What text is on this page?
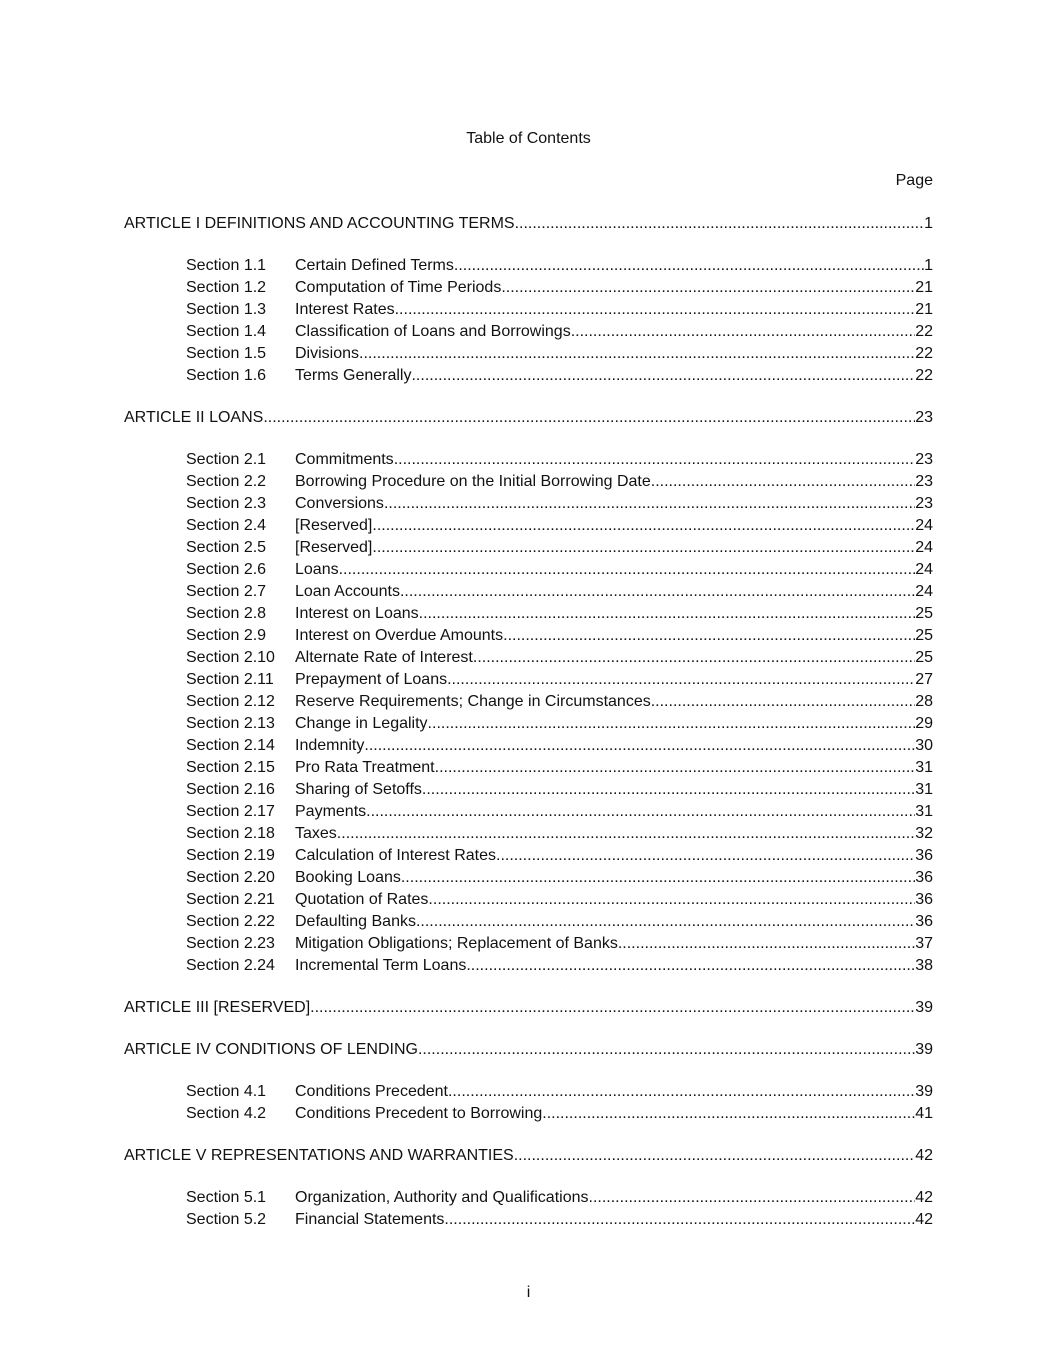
Table of Contents
Page
ARTICLE I DEFINITIONS AND ACCOUNTING TERMS .....	1
Section 1.1	Certain Defined Terms .....	1
Section 1.2	Computation of Time Periods .....	21
Section 1.3	Interest Rates .....	21
Section 1.4	Classification of Loans and Borrowings .....	22
Section 1.5	Divisions .....	22
Section 1.6	Terms Generally .....	22
ARTICLE II LOANS .....	23
Section 2.1	Commitments .....	23
Section 2.2	Borrowing Procedure on the Initial Borrowing Date .....	23
Section 2.3	Conversions .....	23
Section 2.4	[Reserved] .....	24
Section 2.5	[Reserved] .....	24
Section 2.6	Loans .....	24
Section 2.7	Loan Accounts .....	24
Section 2.8	Interest on Loans .....	25
Section 2.9	Interest on Overdue Amounts .....	25
Section 2.10	Alternate Rate of Interest .....	25
Section 2.11	Prepayment of Loans .....	27
Section 2.12	Reserve Requirements; Change in Circumstances .....	28
Section 2.13	Change in Legality .....	29
Section 2.14	Indemnity .....	30
Section 2.15	Pro Rata Treatment .....	31
Section 2.16	Sharing of Setoffs .....	31
Section 2.17	Payments .....	31
Section 2.18	Taxes .....	32
Section 2.19	Calculation of Interest Rates .....	36
Section 2.20	Booking Loans .....	36
Section 2.21	Quotation of Rates .....	36
Section 2.22	Defaulting Banks .....	36
Section 2.23	Mitigation Obligations; Replacement of Banks .....	37
Section 2.24	Incremental Term Loans .....	38
ARTICLE III [RESERVED] .....	39
ARTICLE IV CONDITIONS OF LENDING .....	39
Section 4.1	Conditions Precedent .....	39
Section 4.2	Conditions Precedent to Borrowing .....	41
ARTICLE V REPRESENTATIONS AND WARRANTIES .....	42
Section 5.1	Organization, Authority and Qualifications .....	42
Section 5.2	Financial Statements .....	42
i
